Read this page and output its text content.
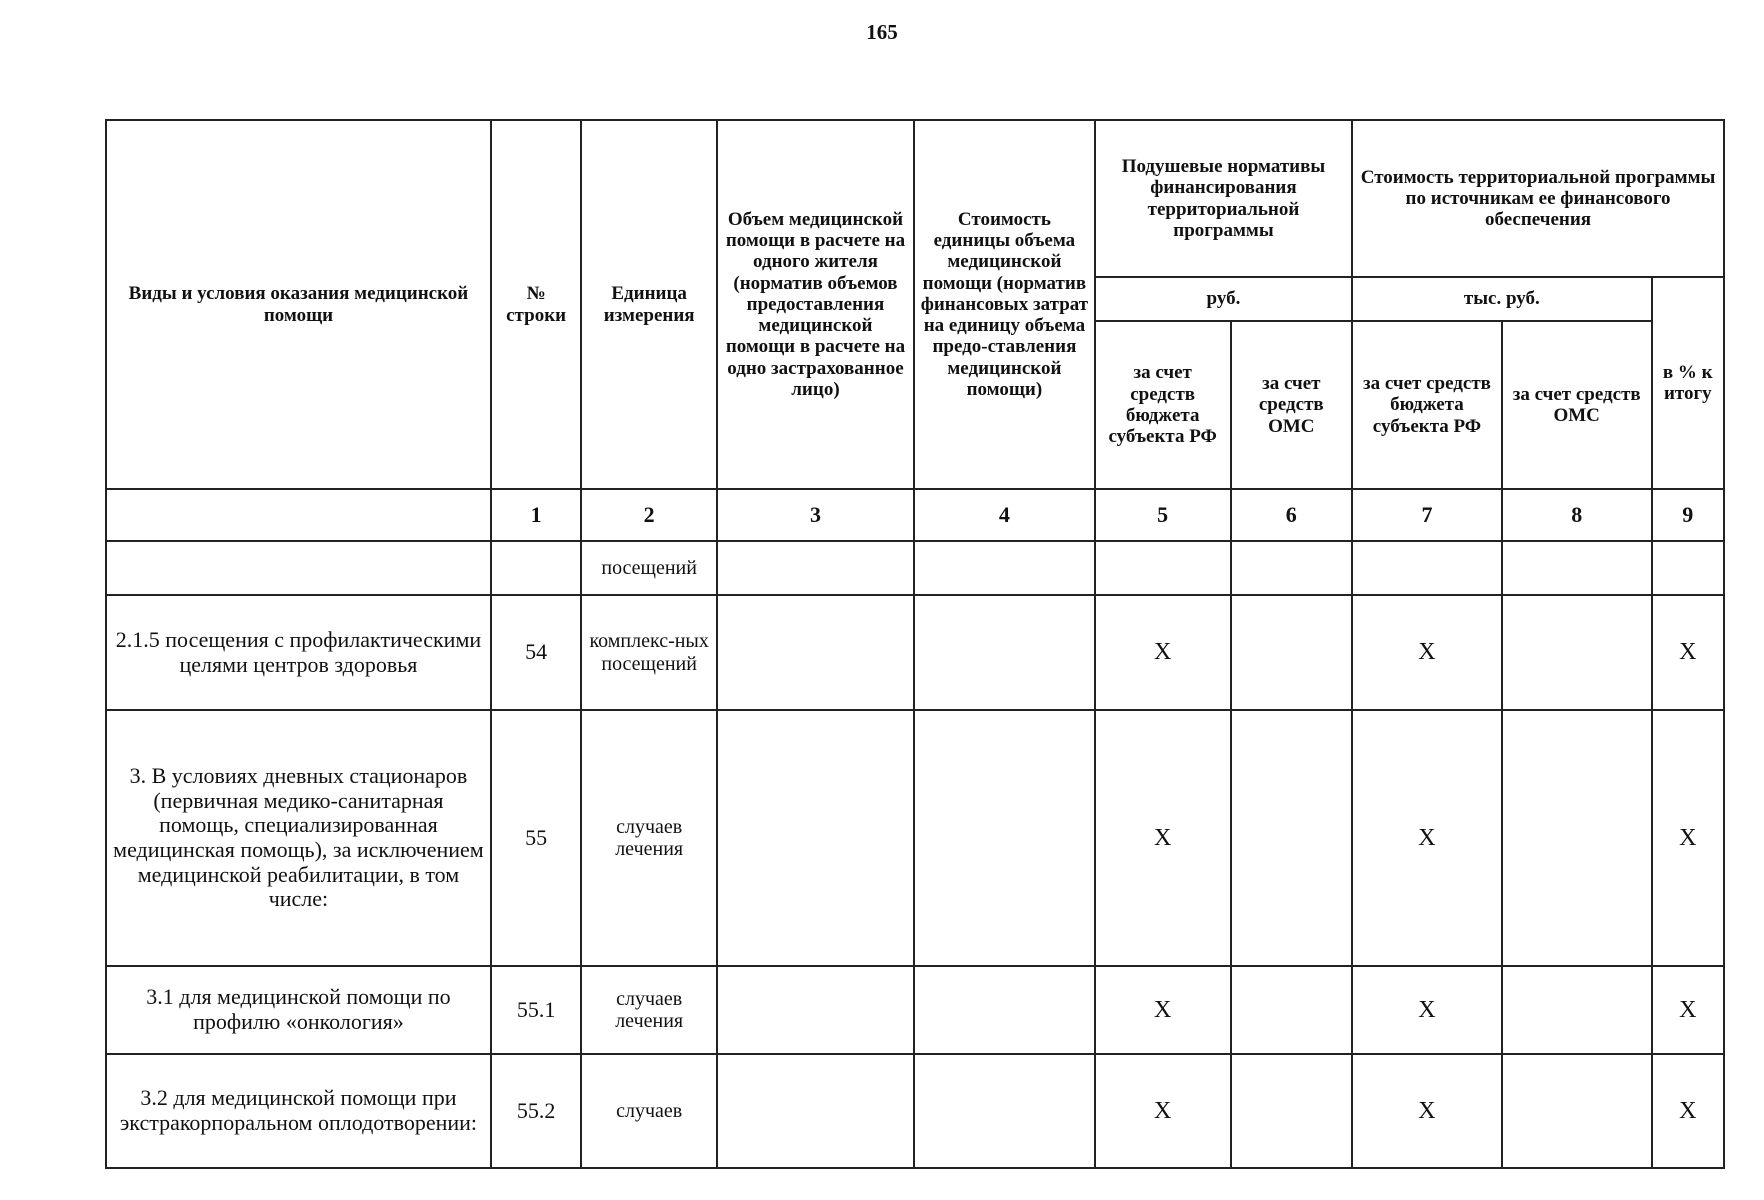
165
Виды и условия оказания медицинской помощи	№ строки	Единица измерения	Объем медицинской помощи в расчете на одного жителя (норматив объемов предоставления медицинской помощи в расчете на одно застрахованное лицо)	Стоимость единицы объема медицинской помощи (норматив финансовых затрат на единицу объема предо-ставления медицинской помощи)	Подушевые нормативы финансирования территориальной программы		Стоимость территориальной программы по источникам ее финансового обеспечения		
					руб.		тыс. руб.		в % к итогу
					за счет средств бюджета субъекта РФ	за счет средств ОМС	за счет средств бюджета субъекта РФ	за счет средств ОМС	
	1	2	3	4	5	6	7	8	9
		посещений							
2.1.5 посещения с профилактическими целями центров здоровья	54	комплекс-ных посещений			X		X		X
3. В условиях дневных стационаров (первичная медико-санитарная помощь, специализированная медицинская помощь), за исключением медицинской реабилитации, в том числе:	55	случаев лечения			X		X		X
3.1 для медицинской помощи по профилю «онкология»	55.1	случаев лечения			X		X		X
3.2 для медицинской помощи при экстракорпоральном оплодотворении:	55.2	случаев			X		X		X
